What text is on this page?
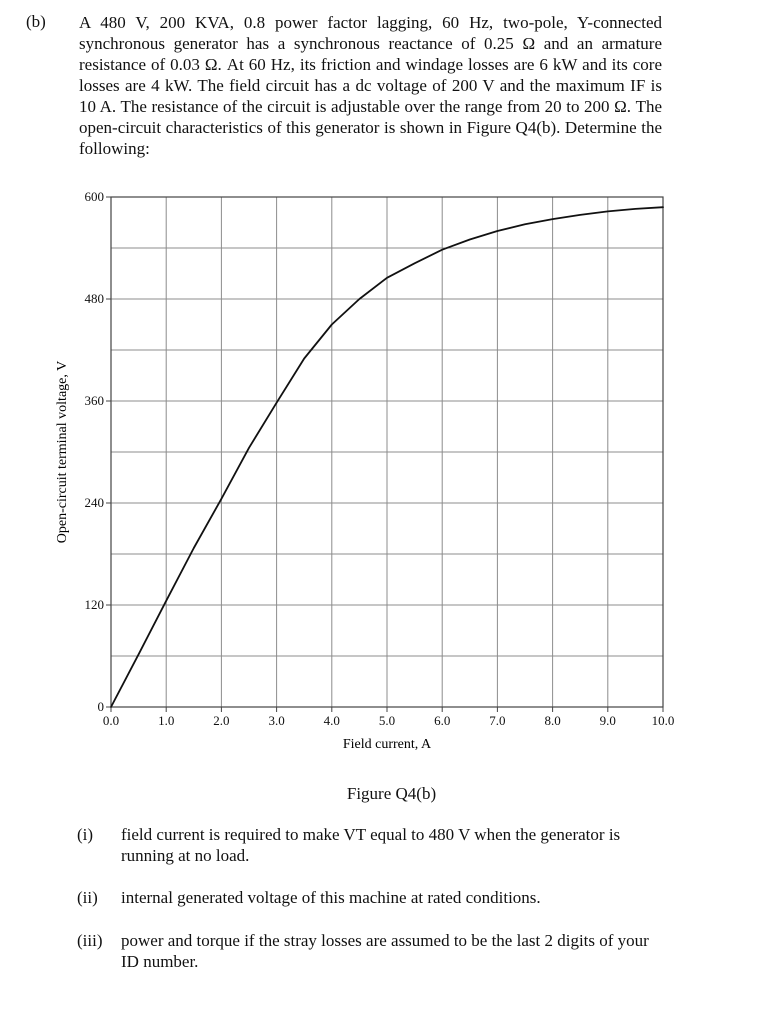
(b) A 480 V, 200 KVA, 0.8 power factor lagging, 60 Hz, two-pole, Y-connected synchronous generator has a synchronous reactance of 0.25 Ω and an armature resistance of 0.03 Ω. At 60 Hz, its friction and windage losses are 6 kW and its core losses are 4 kW. The field circuit has a dc voltage of 200 V and the maximum IF is 10 A. The resistance of the circuit is adjustable over the range from 20 to 200 Ω. The open-circuit characteristics of this generator is shown in Figure Q4(b). Determine the following:
0.0	1.0	2.0	3.0	4.0	5.0	6.0	7.0	8.0	9.0	10.0
0
120
240
360
480
600
Field current, A
Open-circuit terminal voltage, V
Figure Q4(b)
(i) field current is required to make VT equal to 480 V when the generator is running at no load.
(ii) internal generated voltage of this machine at rated conditions.
(iii) power and torque if the stray losses are assumed to be the last 2 digits of your ID number.
